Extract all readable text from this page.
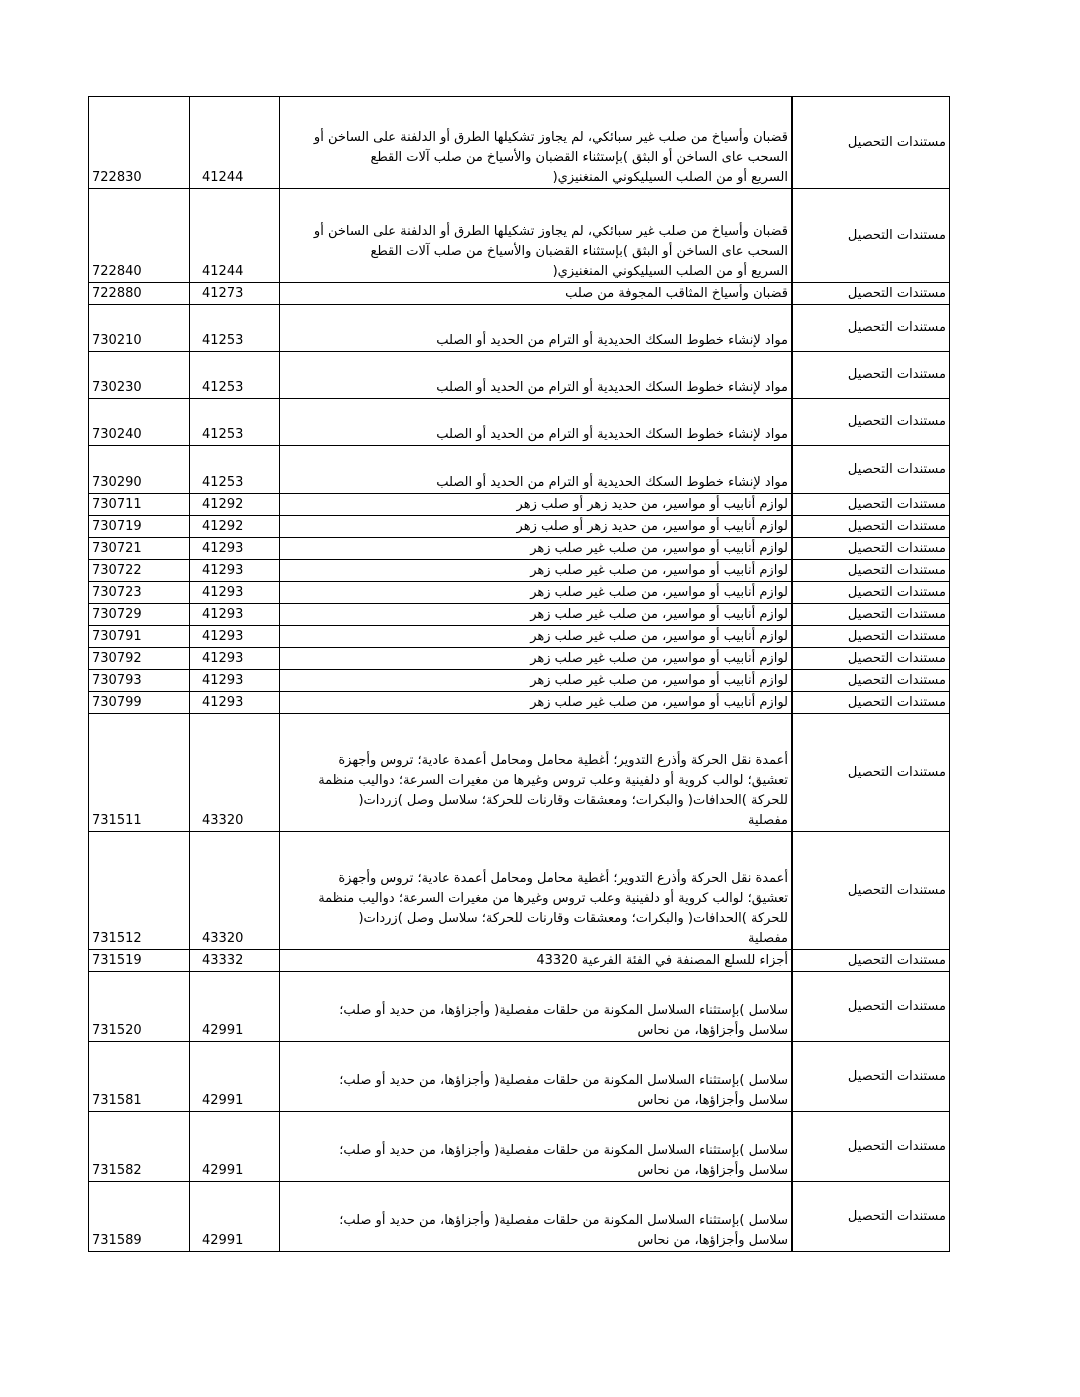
722830	41244	قضبان وأسياخ من صلب غير سبائكي، لم يجاوز تشكيلها الطرق أو الدلفنة على الساخن أو
السحب عاى الساخن أو البثق )بإستثناء القضبان والأسياخ من صلب آلات القطع
السريع أو من الصلب السيليكوني المنغنيزي(	مستندات التحصيل
722840	41244	قضبان وأسياخ من صلب غير سبائكي، لم يجاوز تشكيلها الطرق أو الدلفنة على الساخن أو
السحب عاى الساخن أو البثق )بإستثناء القضبان والأسياخ من صلب آلات القطع
السريع أو من الصلب السيليكوني المنغنيزي(	مستندات التحصيل
722880	41273	قضبان وأسياخ المثاقب المجوفة من صلب	مستندات التحصيل
730210	41253	مواد لإنشاء خطوط السكك الحديدية أو الترام من الحديد أو الصلب	مستندات التحصيل
730230	41253	مواد لإنشاء خطوط السكك الحديدية أو الترام من الحديد أو الصلب	مستندات التحصيل
730240	41253	مواد لإنشاء خطوط السكك الحديدية أو الترام من الحديد أو الصلب	مستندات التحصيل
730290	41253	مواد لإنشاء خطوط السكك الحديدية أو الترام من الحديد أو الصلب	مستندات التحصيل
730711	41292	لوازم أنابيب أو مواسير، من حديد زهر أو صلب زهر	مستندات التحصيل
730719	41292	لوازم أنابيب أو مواسير، من حديد زهر أو صلب زهر	مستندات التحصيل
730721	41293	لوازم أنابيب أو مواسير، من صلب غير صلب زهر	مستندات التحصيل
730722	41293	لوازم أنابيب أو مواسير، من صلب غير صلب زهر	مستندات التحصيل
730723	41293	لوازم أنابيب أو مواسير، من صلب غير صلب زهر	مستندات التحصيل
730729	41293	لوازم أنابيب أو مواسير، من صلب غير صلب زهر	مستندات التحصيل
730791	41293	لوازم أنابيب أو مواسير، من صلب غير صلب زهر	مستندات التحصيل
730792	41293	لوازم أنابيب أو مواسير، من صلب غير صلب زهر	مستندات التحصيل
730793	41293	لوازم أنابيب أو مواسير، من صلب غير صلب زهر	مستندات التحصيل
730799	41293	لوازم أنابيب أو مواسير، من صلب غير صلب زهر	مستندات التحصيل
731511	43320	أعمدة نقل الحركة وأذرع التدوير؛ أغطية محامل ومحامل أعمدة عادية؛ تروس وأجهزة
تعشيق؛ لوالب كروية أو دلفينية وعلب تروس وغيرها من مغيرات السرعة؛ دواليب منظمة
للحركة )الحدافات( والبكرات؛ ومعشقات وقارنات للحركة؛ سلاسل وصل )زردات(
مفصلية	مستندات التحصيل
731512	43320	أعمدة نقل الحركة وأذرع التدوير؛ أغطية محامل ومحامل أعمدة عادية؛ تروس وأجهزة
تعشيق؛ لوالب كروية أو دلفينية وعلب تروس وغيرها من مغيرات السرعة؛ دواليب منظمة
للحركة )الحدافات( والبكرات؛ ومعشقات وقارنات للحركة؛ سلاسل وصل )زردات(
مفصلية	مستندات التحصيل
731519	43332	أجزاء للسلع المصنفة في الفئة الفرعية 43320	مستندات التحصيل
731520	42991	سلاسل )بإستثناء السلاسل المكونة من حلقات مفصلية( وأجزاؤها، من حديد أو صلب؛
سلاسل وأجزاؤها، من نحاس	مستندات التحصيل
731581	42991	سلاسل )بإستثناء السلاسل المكونة من حلقات مفصلية( وأجزاؤها، من حديد أو صلب؛
سلاسل وأجزاؤها، من نحاس	مستندات التحصيل
731582	42991	سلاسل )بإستثناء السلاسل المكونة من حلقات مفصلية( وأجزاؤها، من حديد أو صلب؛
سلاسل وأجزاؤها، من نحاس	مستندات التحصيل
731589	42991	سلاسل )بإستثناء السلاسل المكونة من حلقات مفصلية( وأجزاؤها، من حديد أو صلب؛
سلاسل وأجزاؤها، من نحاس	مستندات التحصيل
